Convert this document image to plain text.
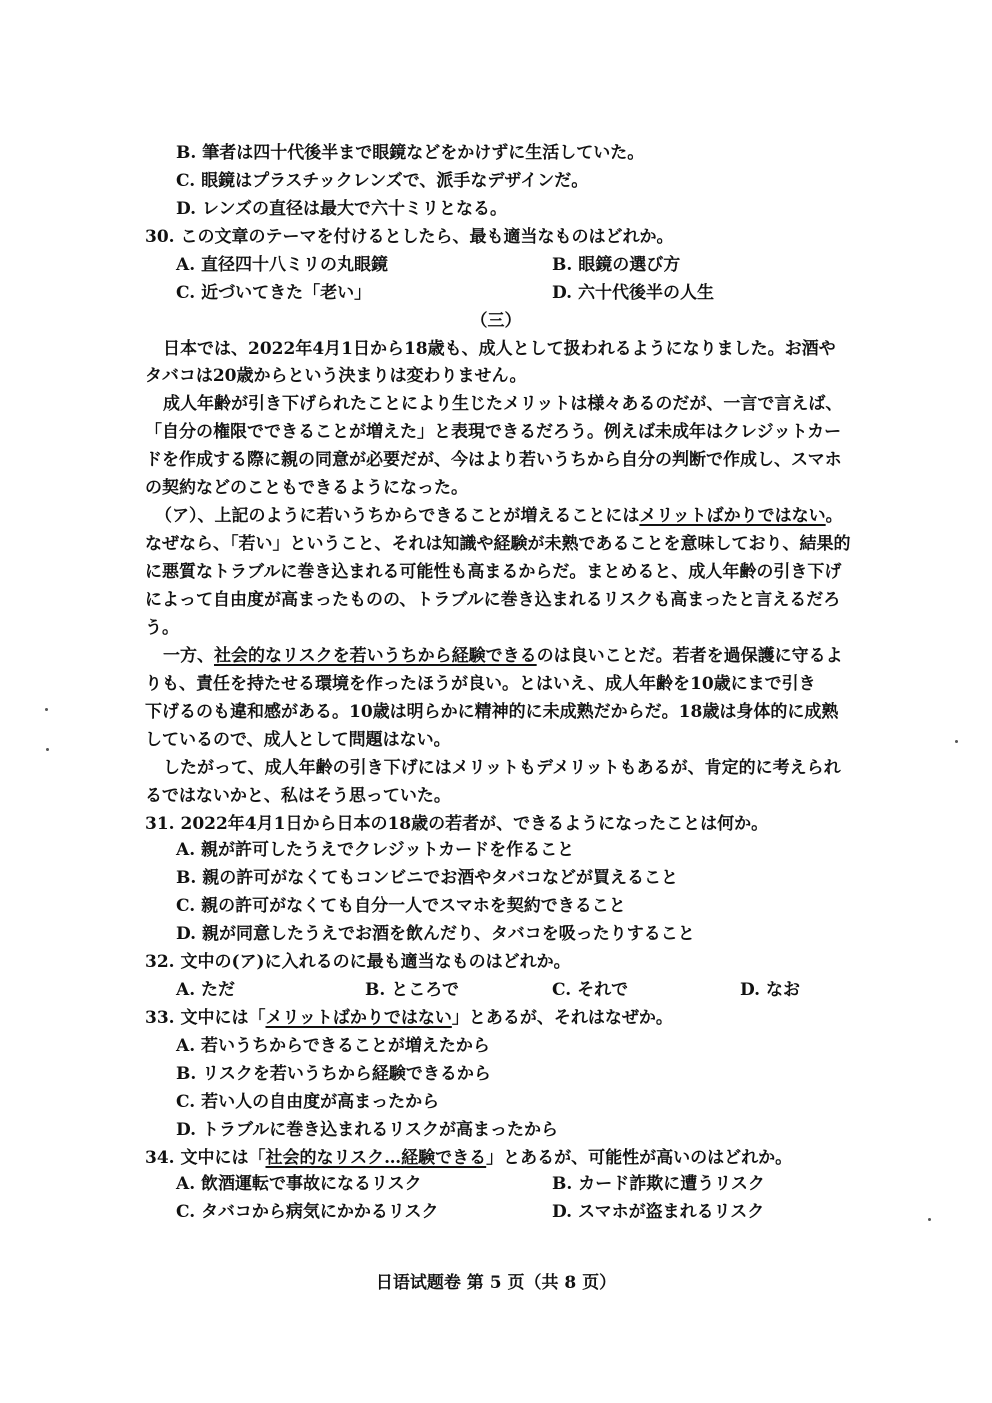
B. 筆者は四十代後半まで眼鏡などをかけずに生活していた。
C. 眼鏡はプラスチックレンズで、派手なデザインだ。
D. レンズの直径は最大で六十ミリとなる。
30. この文章のテーマを付けるとしたら、最も適当なものはどれか。
A. 直径四十八ミリの丸眼鏡	B. 眼鏡の選び方
C. 近づいてきた「老い」	D. 六十代後半の人生
（三）
日本では、2022年4月1日から18歳も、成人として扱われるようになりました。お酒や
タバコは20歳からという決まりは変わりません。
成人年齢が引き下げられたことにより生じたメリットは様々あるのだが、一言で言えば、
「自分の権限でできることが増えた」と表現できるだろう。例えば未成年はクレジットカー
ドを作成する際に親の同意が必要だが、今はより若いうちから自分の判断で作成し、スマホ
の契約などのこともできるようになった。
（ア）、上記のように若いうちからできることが増えることにはメリットばかりではない。
なぜなら、「若い」ということ、それは知識や経験が未熟であることを意味しており、結果的
に悪質なトラブルに巻き込まれる可能性も高まるからだ。まとめると、成人年齢の引き下げ
によって自由度が高まったものの、トラブルに巻き込まれるリスクも高まったと言えるだろ
う。
一方、社会的なリスクを若いうちから経験できるのは良いことだ。若者を過保護に守るよ
りも、責任を持たせる環境を作ったほうが良い。とはいえ、成人年齢を10歳にまで引き
下げるのも違和感がある。10歳は明らかに精神的に未成熟だからだ。18歳は身体的に成熟
しているので、成人として問題はない。
したがって、成人年齢の引き下げにはメリットもデメリットもあるが、肯定的に考えられ
るではないかと、私はそう思っていた。
31. 2022年4月1日から日本の18歳の若者が、できるようになったことは何か。
A. 親が許可したうえでクレジットカードを作ること
B. 親の許可がなくてもコンビニでお酒やタバコなどが買えること
C. 親の許可がなくても自分一人でスマホを契約できること
D. 親が同意したうえでお酒を飲んだり、タバコを吸ったりすること
32. 文中の(ア)に入れるのに最も適当なものはどれか。
A. ただ	B. ところで	C. それで	D. なお
33. 文中には「メリットばかりではない」とあるが、それはなぜか。
A. 若いうちからできることが増えたから
B. リスクを若いうちから経験できるから
C. 若い人の自由度が高まったから
D. トラブルに巻き込まれるリスクが高まったから
34. 文中には「社会的なリスク…経験できる」とあるが、可能性が高いのはどれか。
A. 飲酒運転で事故になるリスク	B. カード詐欺に遭うリスク
C. タバコから病気にかかるリスク	D. スマホが盗まれるリスク
日语试题卷 第 5 页（共 8 页）
